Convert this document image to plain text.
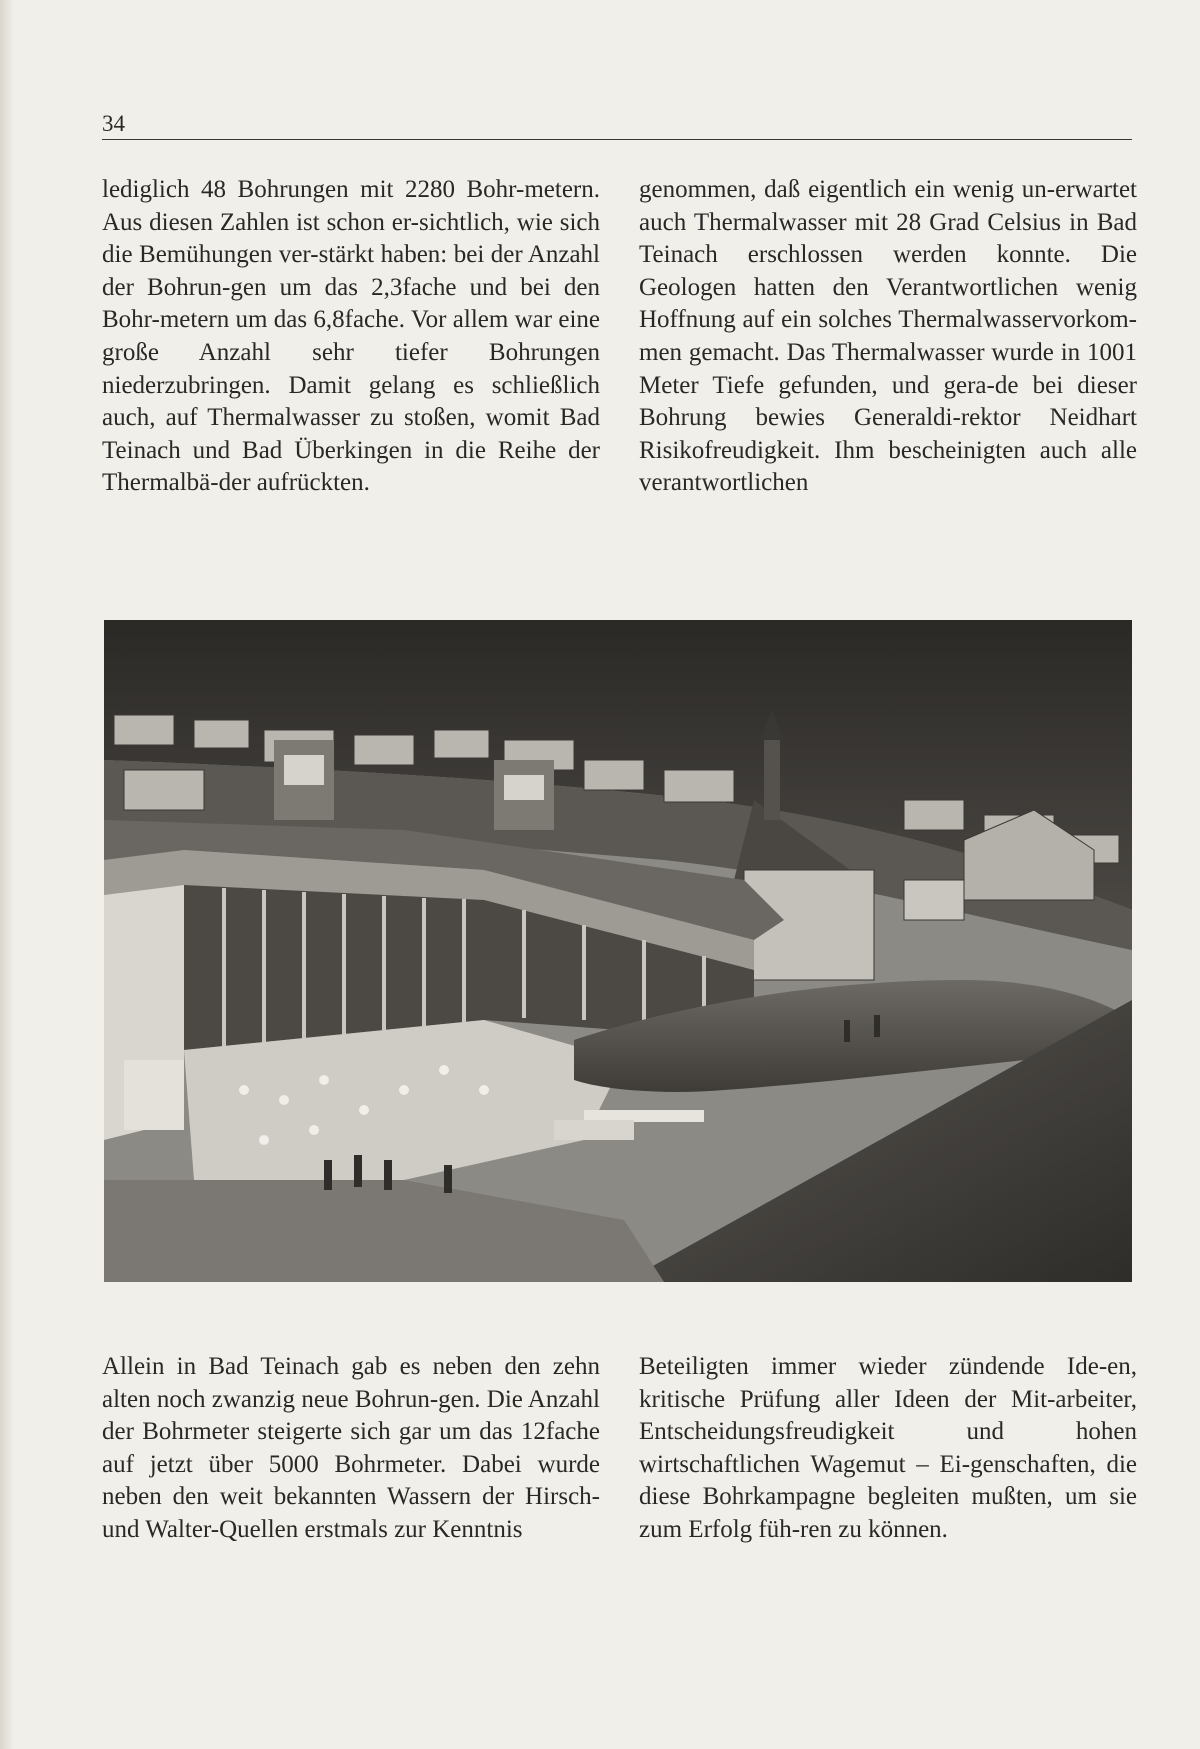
34

lediglich 48 Bohrungen mit 2280 Bohr-metern. Aus diesen Zahlen ist schon er-sichtlich, wie sich die Bemühungen ver-stärkt haben: bei der Anzahl der Bohrun-gen um das 2,3fache und bei den Bohr-metern um das 6,8fache. Vor allem war eine große Anzahl sehr tiefer Bohrungen niederzubringen. Damit gelang es schließlich auch, auf Thermalwasser zu stoßen, womit Bad Teinach und Bad Überkingen in die Reihe der Thermalbä-der aufrückten.

genommen, daß eigentlich ein wenig un-erwartet auch Thermalwasser mit 28 Grad Celsius in Bad Teinach erschlossen werden konnte. Die Geologen hatten den Verantwortlichen wenig Hoffnung auf ein solches Thermalwasservorkom-men gemacht. Das Thermalwasser wurde in 1001 Meter Tiefe gefunden, und gera-de bei dieser Bohrung bewies Generaldi-rektor Neidhart Risikofreudigkeit. Ihm bescheinigten auch alle verantwortlichen

Allein in Bad Teinach gab es neben den zehn alten noch zwanzig neue Bohrun-gen. Die Anzahl der Bohrmeter steigerte sich gar um das 12fache auf jetzt über 5000 Bohrmeter. Dabei wurde neben den weit bekannten Wassern der Hirsch- und Walter-Quellen erstmals zur Kenntnis

Beteiligten immer wieder zündende Ide-en, kritische Prüfung aller Ideen der Mit-arbeiter, Entscheidungsfreudigkeit und hohen wirtschaftlichen Wagemut – Ei-genschaften, die diese Bohrkampagne begleiten mußten, um sie zum Erfolg füh-ren zu können.
